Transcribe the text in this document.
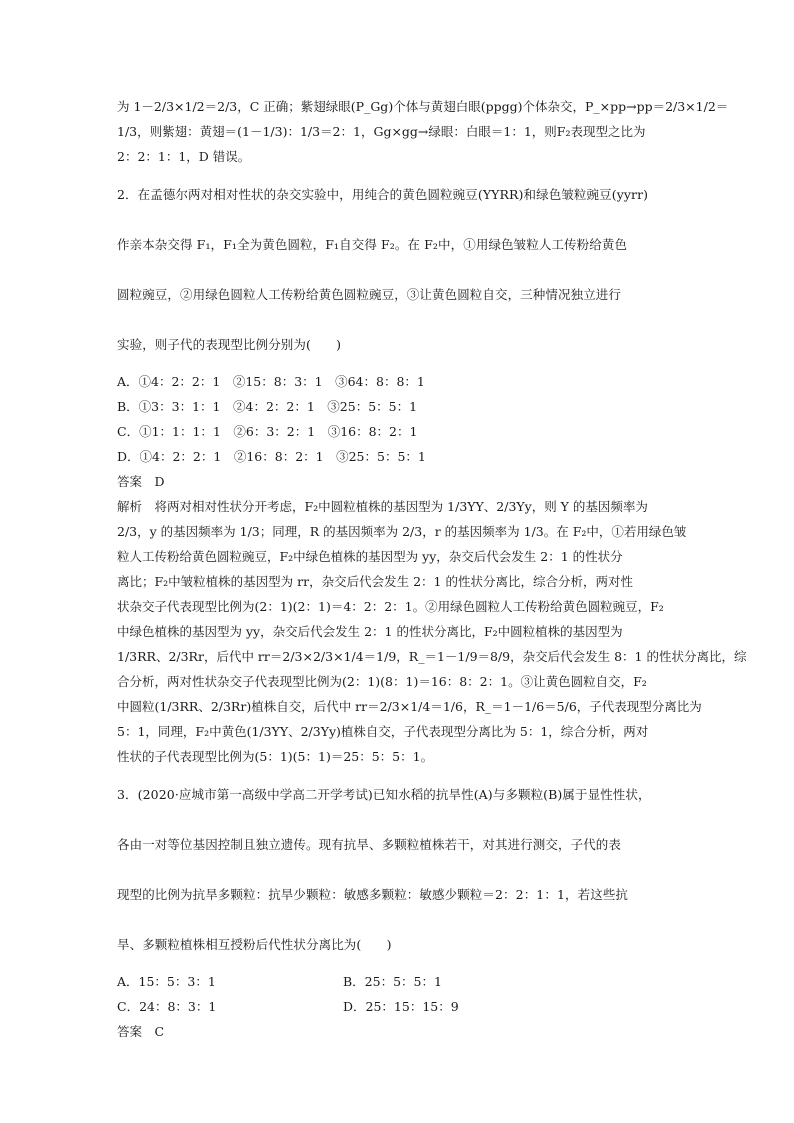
为 1－2/3×1/2＝2/3，C 正确；紫翅绿眼(P_Gg)个体与黄翅白眼(ppgg)个体杂交，P_×pp→pp＝2/3×1/2＝

1/3，则紫翅：黄翅＝(1－1/3)：1/3＝2：1，Gg×gg→绿眼：白眼＝1：1，则F₂表现型之比为

2：2：1：1，D 错误。

2．在孟德尔两对相对性状的杂交实验中，用纯合的黄色圆粒豌豆(YYRR)和绿色皱粒豌豆(yyrr)

作亲本杂交得 F₁，F₁全为黄色圆粒，F₁自交得 F₂。在 F₂中，①用绿色皱粒人工传粉给黄色

圆粒豌豆，②用绿色圆粒人工传粉给黄色圆粒豌豆，③让黄色圆粒自交，三种情况独立进行

实验，则子代的表现型比例分别为(　　)

A．①4：2：2：1　②15：8：3：1　③64：8：8：1

B．①3：3：1：1　②4：2：2：1　③25：5：5：1

C．①1：1：1：1　②6：3：2：1　③16：8：2：1

D．①4：2：2：1　②16：8：2：1　③25：5：5：1

答案　D

解析　将两对相对性状分开考虑，F₂中圆粒植株的基因型为 1/3YY、2/3Yy，则 Y 的基因频率为

2/3，y 的基因频率为 1/3；同理，R 的基因频率为 2/3，r 的基因频率为 1/3。在 F₂中，①若用绿色皱

粒人工传粉给黄色圆粒豌豆，F₂中绿色植株的基因型为 yy，杂交后代会发生 2：1 的性状分

离比；F₂中皱粒植株的基因型为 rr，杂交后代会发生 2：1 的性状分离比，综合分析，两对性

状杂交子代表现型比例为(2：1)(2：1)＝4：2：2：1。②用绿色圆粒人工传粉给黄色圆粒豌豆，F₂

中绿色植株的基因型为 yy，杂交后代会发生 2：1 的性状分离比，F₂中圆粒植株的基因型为

1/3RR、2/3Rr，后代中 rr＝2/3×2/3×1/4＝1/9，R_＝1－1/9＝8/9，杂交后代会发生 8：1 的性状分离比，综

合分析，两对性状杂交子代表现型比例为(2：1)(8：1)＝16：8：2：1。③让黄色圆粒自交，F₂

中圆粒(1/3RR、2/3Rr)植株自交，后代中 rr＝2/3×1/4＝1/6，R_＝1－1/6＝5/6，子代表现型分离比为

5：1，同理，F₂中黄色(1/3YY、2/3Yy)植株自交，子代表现型分离比为 5：1，综合分析，两对

性状的子代表现型比例为(5：1)(5：1)＝25：5：5：1。

3．(2020·应城市第一高级中学高二开学考试)已知水稻的抗旱性(A)与多颗粒(B)属于显性性状，

各由一对等位基因控制且独立遗传。现有抗旱、多颗粒植株若干，对其进行测交，子代的表

现型的比例为抗旱多颗粒：抗旱少颗粒：敏感多颗粒：敏感少颗粒＝2：2：1：1，若这些抗

旱、多颗粒植株相互授粉后代性状分离比为(　　)

A．15：5：3：1	B．25：5：5：1
C．24：8：3：1	D．25：15：15：9

答案　C
